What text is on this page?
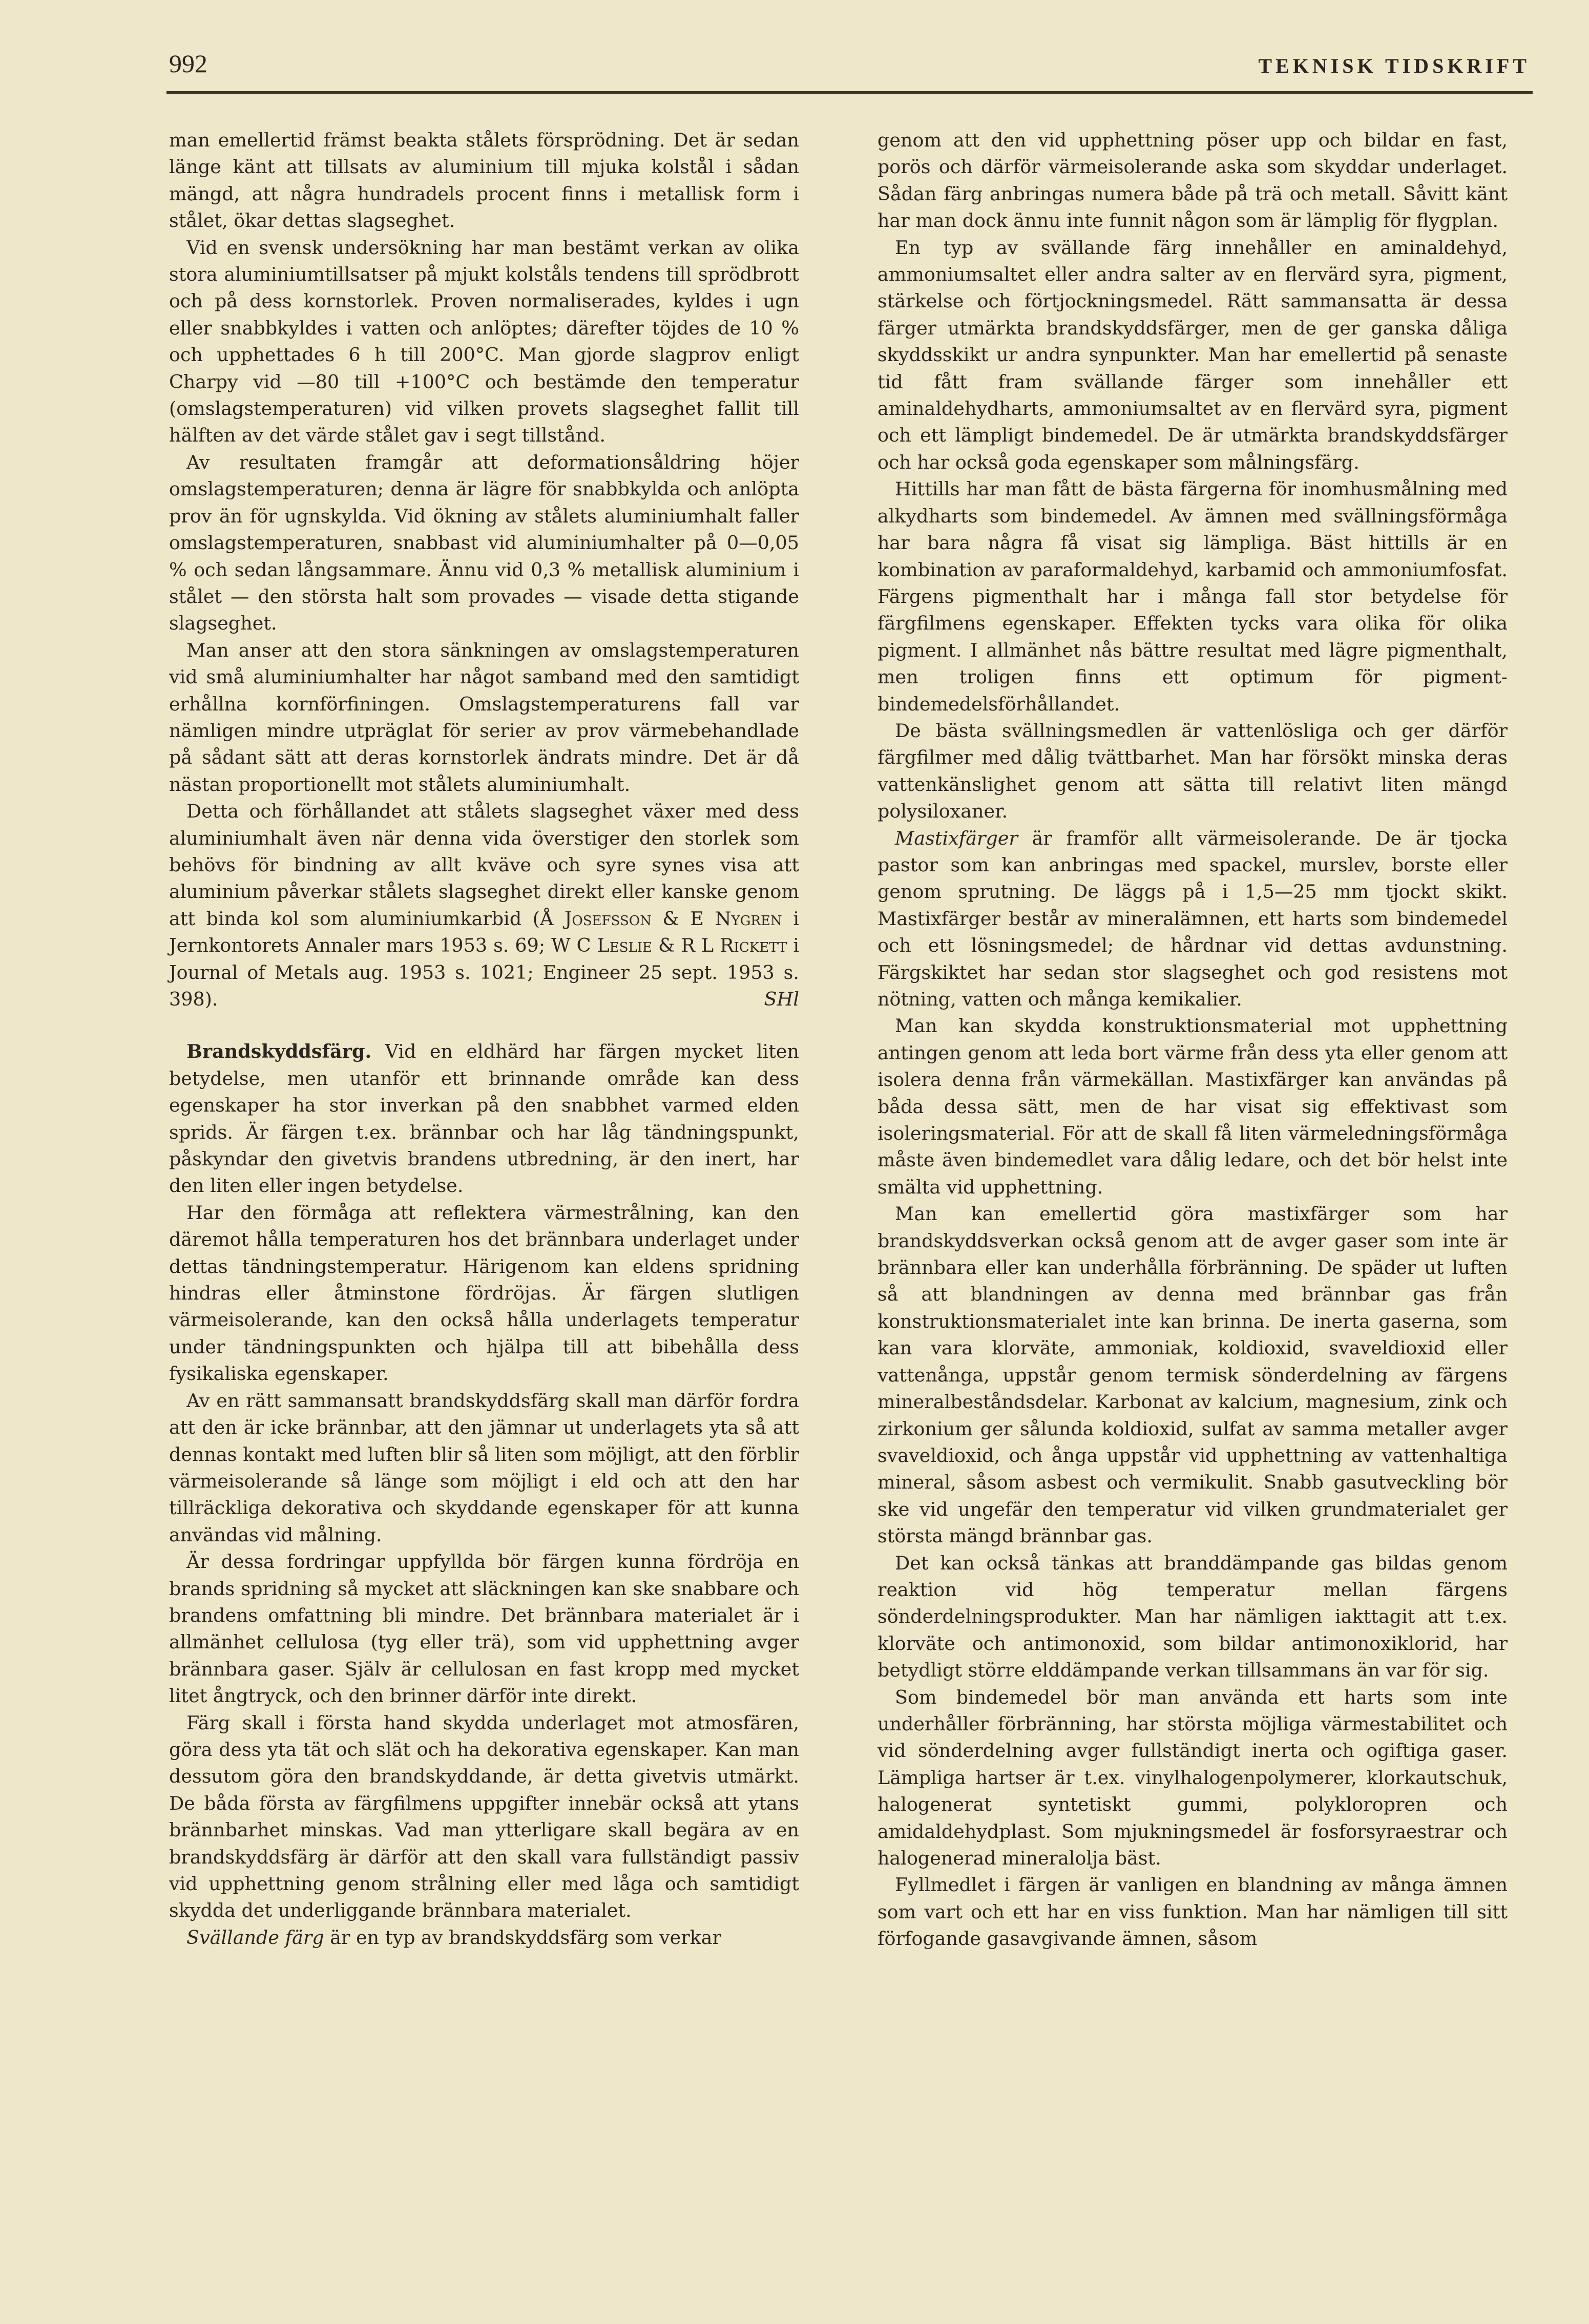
992	TEKNISK TIDSKRIFT

man emellertid främst beakta stålets försprödning. Det är sedan länge känt att tillsats av aluminium till mjuka kolstål i sådan mängd, att några hundradels procent finns i metallisk form i stålet, ökar dettas slagseghet.

Vid en svensk undersökning har man bestämt verkan av olika stora aluminiumtillsatser på mjukt kolståls tendens till sprödbrott och på dess kornstorlek. Proven normaliserades, kyldes i ugn eller snabbkyldes i vatten och anlöptes; därefter töjdes de 10 % och upphettades 6 h till 200°C. Man gjorde slagprov enligt Charpy vid —80 till +100°C och bestämde den temperatur (omslagstemperaturen) vid vilken provets slagseghet fallit till hälften av det värde stålet gav i segt tillstånd.

Av resultaten framgår att deformationsåldring höjer omslagstemperaturen; denna är lägre för snabbkylda och anlöpta prov än för ugnskylda. Vid ökning av stålets aluminiumhalt faller omslagstemperaturen, snabbast vid aluminiumhalter på 0—0,05 % och sedan långsammare. Ännu vid 0,3 % metallisk aluminium i stålet — den största halt som provades — visade detta stigande slagseghet.

Man anser att den stora sänkningen av omslagstemperaturen vid små aluminiumhalter har något samband med den samtidigt erhållna kornförfiningen. Omslagstemperaturens fall var nämligen mindre utpräglat för serier av prov värmebehandlade på sådant sätt att deras kornstorlek ändrats mindre. Det är då nästan proportionellt mot stålets aluminiumhalt.

Detta och förhållandet att stålets slagseghet växer med dess aluminiumhalt även när denna vida överstiger den storlek som behövs för bindning av allt kväve och syre synes visa att aluminium påverkar stålets slagseghet direkt eller kanske genom att binda kol som aluminiumkarbid (Å Josefsson & E Nygren i Jernkontorets Annaler mars 1953 s. 69; W C Leslie & R L Rickett i Journal of Metals aug. 1953 s. 1021; Engineer 25 sept. 1953 s. 398).	SHl

Brandskyddsfärg. Vid en eldhärd har färgen mycket liten betydelse, men utanför ett brinnande område kan dess egenskaper ha stor inverkan på den snabbhet varmed elden sprids. Är färgen t.ex. brännbar och har låg tändningspunkt, påskyndar den givetvis brandens utbredning, är den inert, har den liten eller ingen betydelse.

Har den förmåga att reflektera värmestrålning, kan den däremot hålla temperaturen hos det brännbara underlaget under dettas tändningstemperatur. Härigenom kan eldens spridning hindras eller åtminstone fördröjas. Är färgen slutligen värmeisolerande, kan den också hålla underlagets temperatur under tändningspunkten och hjälpa till att bibehålla dess fysikaliska egenskaper.

Av en rätt sammansatt brandskyddsfärg skall man därför fordra att den är icke brännbar, att den jämnar ut underlagets yta så att dennas kontakt med luften blir så liten som möjligt, att den förblir värmeisolerande så länge som möjligt i eld och att den har tillräckliga dekorativa och skyddande egenskaper för att kunna användas vid målning.

Är dessa fordringar uppfyllda bör färgen kunna fördröja en brands spridning så mycket att släckningen kan ske snabbare och brandens omfattning bli mindre. Det brännbara materialet är i allmänhet cellulosa (tyg eller trä), som vid upphettning avger brännbara gaser. Själv är cellulosan en fast kropp med mycket litet ångtryck, och den brinner därför inte direkt.

Färg skall i första hand skydda underlaget mot atmosfären, göra dess yta tät och slät och ha dekorativa egenskaper. Kan man dessutom göra den brandskyddande, är detta givetvis utmärkt. De båda första av färgfilmens uppgifter innebär också att ytans brännbarhet minskas. Vad man ytterligare skall begära av en brandskyddsfärg är därför att den skall vara fullständigt passiv vid upphettning genom strålning eller med låga och samtidigt skydda det underliggande brännbara materialet.

Svällande färg är en typ av brandskyddsfärg som verkar

genom att den vid upphettning pöser upp och bildar en fast, porös och därför värmeisolerande aska som skyddar underlaget. Sådan färg anbringas numera både på trä och metall. Såvitt känt har man dock ännu inte funnit någon som är lämplig för flygplan.

En typ av svällande färg innehåller en aminaldehyd, ammoniumsaltet eller andra salter av en flervärd syra, pigment, stärkelse och förtjockningsmedel. Rätt sammansatta är dessa färger utmärkta brandskyddsfärger, men de ger ganska dåliga skyddsskikt ur andra synpunkter. Man har emellertid på senaste tid fått fram svällande färger som innehåller ett aminaldehydharts, ammoniumsaltet av en flervärd syra, pigment och ett lämpligt bindemedel. De är utmärkta brandskyddsfärger och har också goda egenskaper som målningsfärg.

Hittills har man fått de bästa färgerna för inomhusmålning med alkydharts som bindemedel. Av ämnen med svällningsförmåga har bara några få visat sig lämpliga. Bäst hittills är en kombination av paraformaldehyd, karbamid och ammoniumfosfat. Färgens pigmenthalt har i många fall stor betydelse för färgfilmens egenskaper. Effekten tycks vara olika för olika pigment. I allmänhet nås bättre resultat med lägre pigmenthalt, men troligen finns ett optimum för pigment-bindemedelsförhållandet.

De bästa svällningsmedlen är vattenlösliga och ger därför färgfilmer med dålig tvättbarhet. Man har försökt minska deras vattenkänslighet genom att sätta till relativt liten mängd polysiloxaner.

Mastixfärger är framför allt värmeisolerande. De är tjocka pastor som kan anbringas med spackel, murslev, borste eller genom sprutning. De läggs på i 1,5—25 mm tjockt skikt. Mastixfärger består av mineralämnen, ett harts som bindemedel och ett lösningsmedel; de hårdnar vid dettas avdunstning. Färgskiktet har sedan stor slagseghet och god resistens mot nötning, vatten och många kemikalier.

Man kan skydda konstruktionsmaterial mot upphettning antingen genom att leda bort värme från dess yta eller genom att isolera denna från värmekällan. Mastixfärger kan användas på båda dessa sätt, men de har visat sig effektivast som isoleringsmaterial. För att de skall få liten värmeledningsförmåga måste även bindemedlet vara dålig ledare, och det bör helst inte smälta vid upphettning.

Man kan emellertid göra mastixfärger som har brandskyddsverkan också genom att de avger gaser som inte är brännbara eller kan underhålla förbränning. De späder ut luften så att blandningen av denna med brännbar gas från konstruktionsmaterialet inte kan brinna. De inerta gaserna, som kan vara klorväte, ammoniak, koldioxid, svaveldioxid eller vattenånga, uppstår genom termisk sönderdelning av färgens mineralbeståndsdelar. Karbonat av kalcium, magnesium, zink och zirkonium ger sålunda koldioxid, sulfat av samma metaller avger svaveldioxid, och ånga uppstår vid upphettning av vattenhaltiga mineral, såsom asbest och vermikulit. Snabb gasutveckling bör ske vid ungefär den temperatur vid vilken grundmaterialet ger största mängd brännbar gas.

Det kan också tänkas att branddämpande gas bildas genom reaktion vid hög temperatur mellan färgens sönderdelningsprodukter. Man har nämligen iakttagit att t.ex. klorväte och antimonoxid, som bildar antimonoxiklorid, har betydligt större elddämpande verkan tillsammans än var för sig.

Som bindemedel bör man använda ett harts som inte underhåller förbränning, har största möjliga värmestabilitet och vid sönderdelning avger fullständigt inerta och ogiftiga gaser. Lämpliga hartser är t.ex. vinylhalogenpolymerer, klorkautschuk, halogenerat syntetiskt gummi, polykloropren och amidaldehydplast. Som mjukningsmedel är fosforsyraestrar och halogenerad mineralolja bäst.

Fyllmedlet i färgen är vanligen en blandning av många ämnen som vart och ett har en viss funktion. Man har nämligen till sitt förfogande gasavgivande ämnen, såsom
